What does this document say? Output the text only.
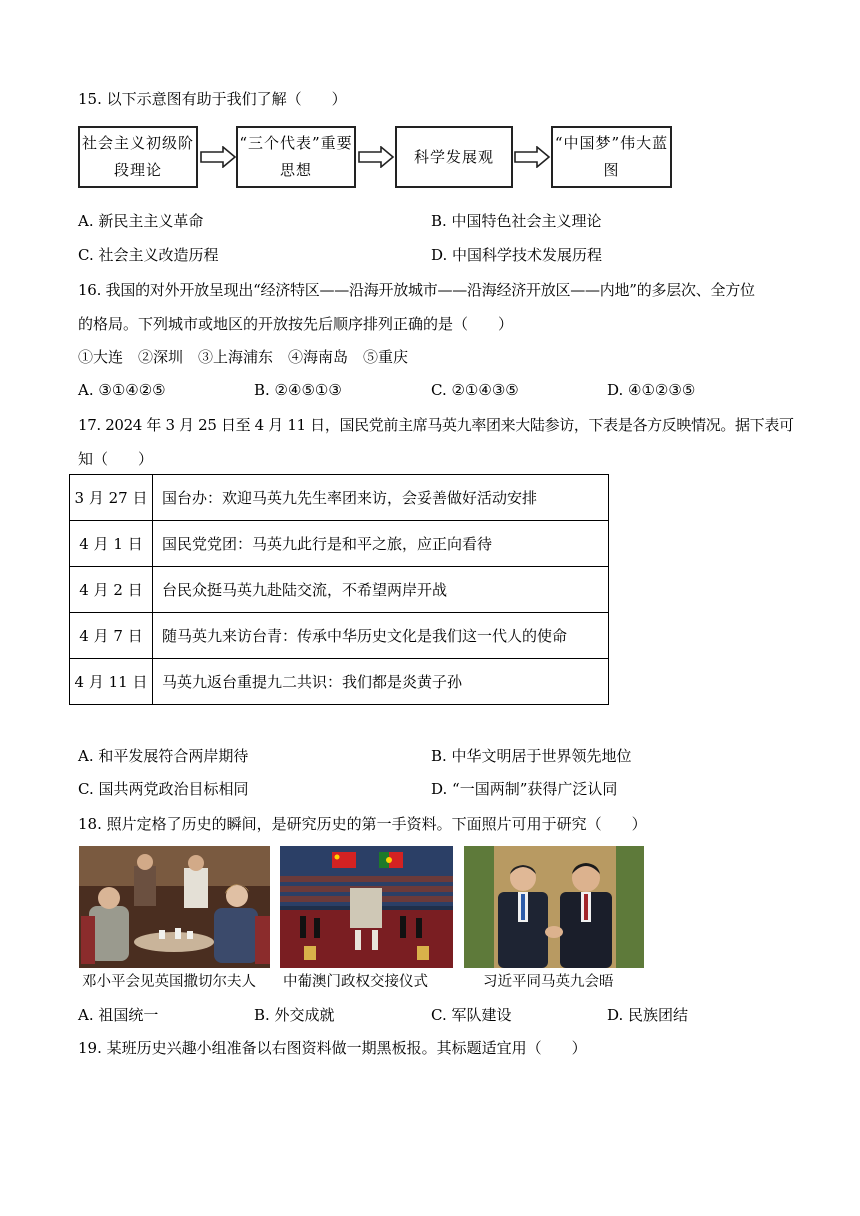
15. 以下示意图有助于我们了解（　　）
社会主义初级阶段理论
“三个代表”重要思想
科学发展观
“中国梦”伟大蓝图
A. 新民主主义革命	B. 中国特色社会主义理论
C. 社会主义改造历程	D. 中国科学技术发展历程
16. 我国的对外开放呈现出“经济特区——沿海开放城市——沿海经济开放区——内地”的多层次、全方位
的格局。下列城市或地区的开放按先后顺序排列正确的是（　　）
①大连　②深圳　③上海浦东　④海南岛　⑤重庆
A. ③①④②⑤	B. ②④⑤①③	C. ②①④③⑤	D. ④①②③⑤
17. 2024 年 3 月 25 日至 4 月 11 日，国民党前主席马英九率团来大陆参访，下表是各方反映情况。据下表可
知（　　）
3 月 27 日	国台办：欢迎马英九先生率团来访，会妥善做好活动安排
4 月 1 日	国民党党团：马英九此行是和平之旅，应正向看待
4 月 2 日	台民众挺马英九赴陆交流，不希望两岸开战
4 月 7 日	随马英九来访台青：传承中华历史文化是我们这一代人的使命
4 月 11 日	马英九返台重提九二共识：我们都是炎黄子孙
A. 和平发展符合两岸期待	B. 中华文明居于世界领先地位
C. 国共两党政治目标相同	D. “一国两制”获得广泛认同
18. 照片定格了历史的瞬间，是研究历史的第一手资料。下面照片可用于研究（　　）
邓小平会见英国撒切尔夫人 中葡澳门政权交接仪式	习近平同马英九会晤
A. 祖国统一	B. 外交成就	C. 军队建设	D. 民族团结
19. 某班历史兴趣小组准备以右图资料做一期黑板报。其标题适宜用（　　）
